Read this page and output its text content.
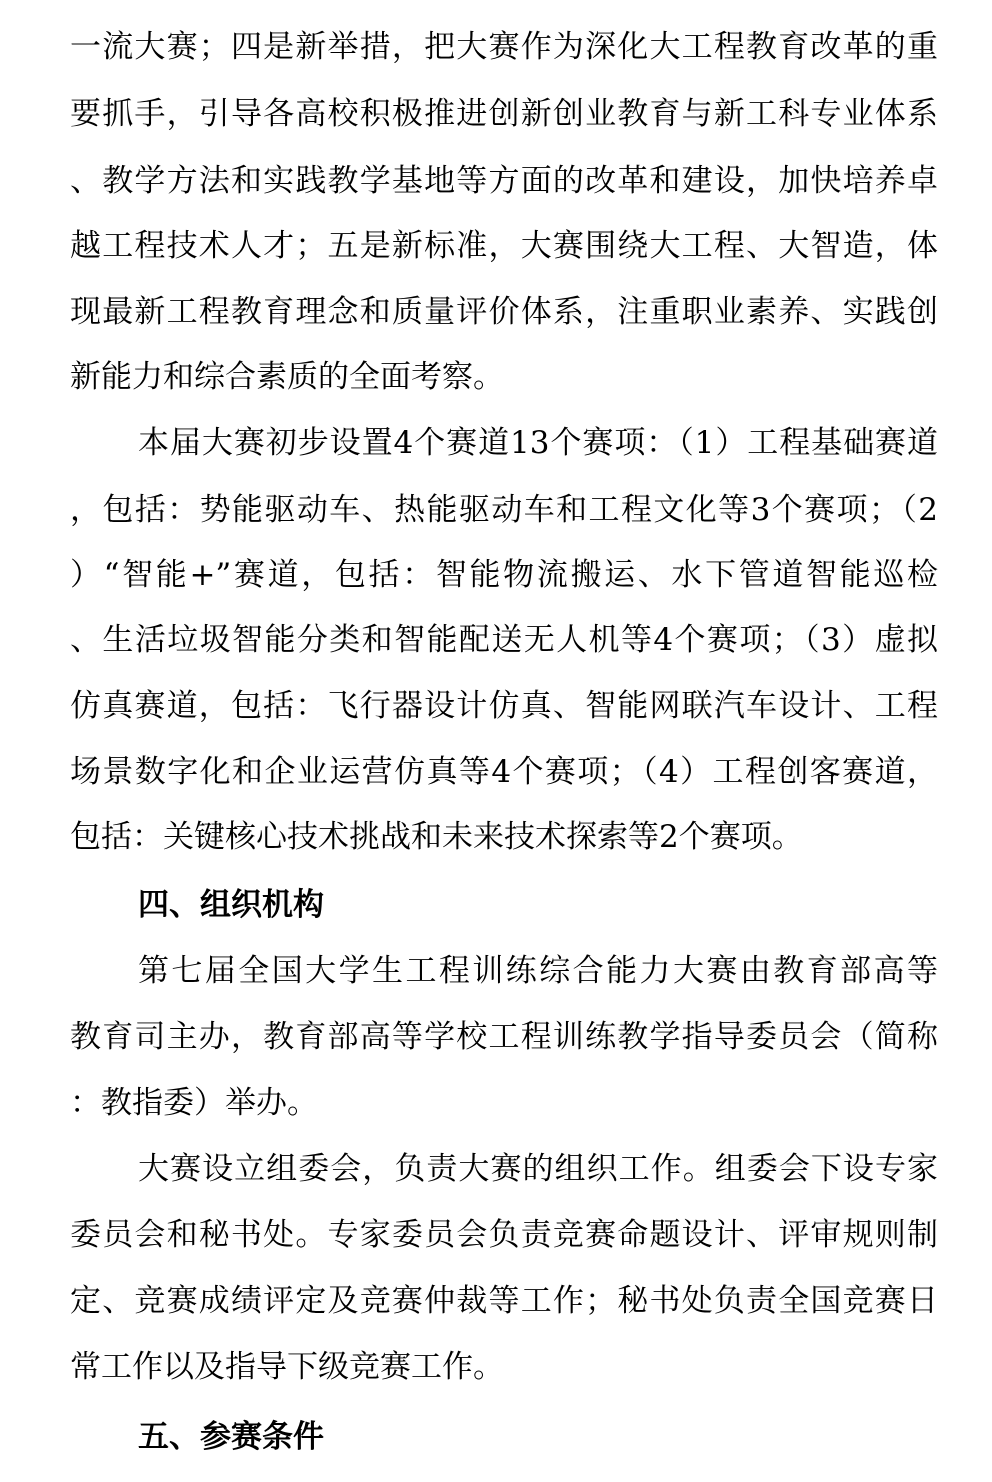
一流大赛；四是新举措，把大赛作为深化大工程教育改革的重
要抓手，引导各高校积极推进创新创业教育与新工科专业体系
、教学方法和实践教学基地等方面的改革和建设，加快培养卓
越工程技术人才；五是新标准，大赛围绕大工程、大智造，体
现最新工程教育理念和质量评价体系，注重职业素养、实践创
新能力和综合素质的全面考察。
本届大赛初步设置4个赛道13个赛项：（1）工程基础赛道
，包括：势能驱动车、热能驱动车和工程文化等3个赛项；（2
）“智能+”赛道，包括：智能物流搬运、水下管道智能巡检
、生活垃圾智能分类和智能配送无人机等4个赛项；（3）虚拟
仿真赛道，包括：飞行器设计仿真、智能网联汽车设计、工程
场景数字化和企业运营仿真等4个赛项；（4）工程创客赛道，
包括：关键核心技术挑战和未来技术探索等2个赛项。
四、组织机构
第七届全国大学生工程训练综合能力大赛由教育部高等
教育司主办，教育部高等学校工程训练教学指导委员会（简称
：教指委）举办。
大赛设立组委会，负责大赛的组织工作。组委会下设专家
委员会和秘书处。专家委员会负责竞赛命题设计、评审规则制
定、竞赛成绩评定及竞赛仲裁等工作；秘书处负责全国竞赛日
常工作以及指导下级竞赛工作。
五、参赛条件
